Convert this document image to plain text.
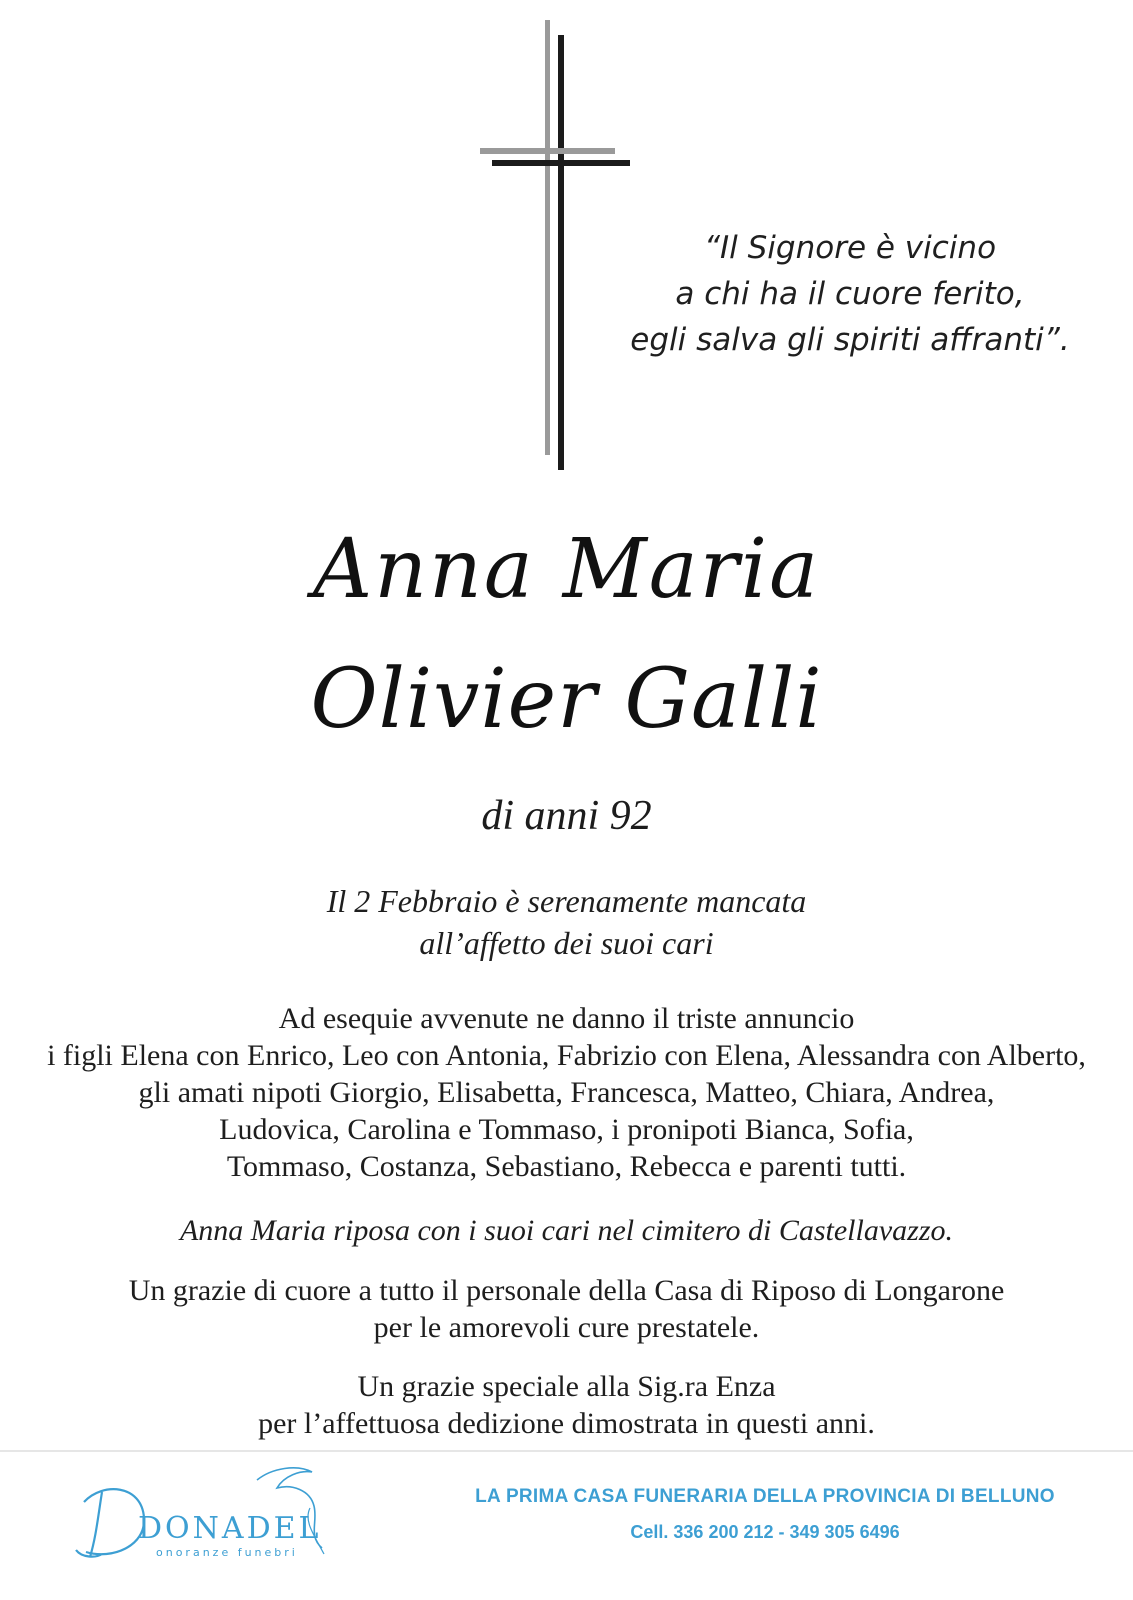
“Il Signore è vicino
a chi ha il cuore ferito,
egli salva gli spiriti affranti”.
Anna Maria
Olivier Galli
di anni 92
Il 2 Febbraio è serenamente mancata
all’affetto dei suoi cari
Ad esequie avvenute ne danno il triste annuncio
i figli Elena con Enrico, Leo con Antonia, Fabrizio con Elena, Alessandra con Alberto,
gli amati nipoti Giorgio, Elisabetta, Francesca, Matteo, Chiara, Andrea,
Ludovica, Carolina e Tommaso, i pronipoti Bianca, Sofia,
Tommaso, Costanza, Sebastiano, Rebecca e parenti tutti.
Anna Maria riposa con i suoi cari nel cimitero di Castellavazzo.
Un grazie di cuore a tutto il personale della Casa di Riposo di Longarone
per le amorevoli cure prestatele.
Un grazie speciale alla Sig.ra Enza
per l’affettuosa dedizione dimostrata in questi anni.
DONADEL
onoranze funebri
LA PRIMA CASA FUNERARIA DELLA PROVINCIA DI BELLUNO
Cell. 336 200 212 - 349 305 6496
